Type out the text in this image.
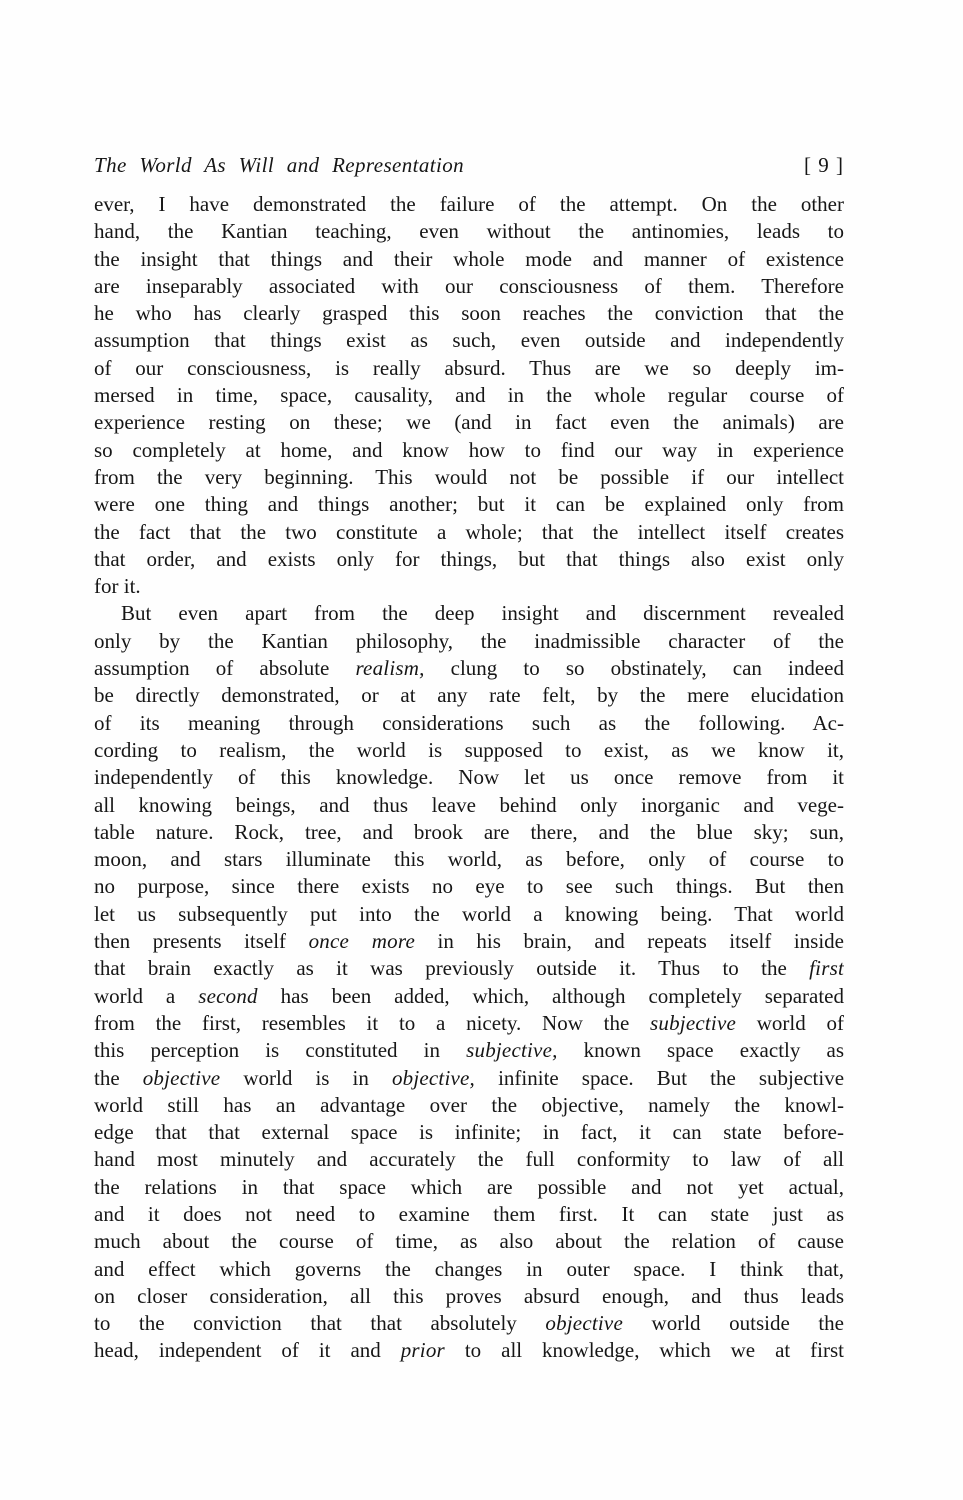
The World As Will and Representation	[ 9 ]
ever, I have demonstrated the failure of the attempt. On the other
hand, the Kantian teaching, even without the antinomies, leads to
the insight that things and their whole mode and manner of existence
are inseparably associated with our consciousness of them. Therefore
he who has clearly grasped this soon reaches the conviction that the
assumption that things exist as such, even outside and independently
of our consciousness, is really absurd. Thus are we so deeply im-
mersed in time, space, causality, and in the whole regular course of
experience resting on these; we (and in fact even the animals) are
so completely at home, and know how to find our way in experience
from the very beginning. This would not be possible if our intellect
were one thing and things another; but it can be explained only from
the fact that the two constitute a whole; that the intellect itself creates
that order, and exists only for things, but that things also exist only
for it.
But even apart from the deep insight and discernment revealed
only by the Kantian philosophy, the inadmissible character of the
assumption of absolute realism, clung to so obstinately, can indeed
be directly demonstrated, or at any rate felt, by the mere elucidation
of its meaning through considerations such as the following. Ac-
cording to realism, the world is supposed to exist, as we know it,
independently of this knowledge. Now let us once remove from it
all knowing beings, and thus leave behind only inorganic and vege-
table nature. Rock, tree, and brook are there, and the blue sky; sun,
moon, and stars illuminate this world, as before, only of course to
no purpose, since there exists no eye to see such things. But then
let us subsequently put into the world a knowing being. That world
then presents itself once more in his brain, and repeats itself inside
that brain exactly as it was previously outside it. Thus to the first
world a second has been added, which, although completely separated
from the first, resembles it to a nicety. Now the subjective world of
this perception is constituted in subjective, known space exactly as
the objective world is in objective, infinite space. But the subjective
world still has an advantage over the objective, namely the knowl-
edge that that external space is infinite; in fact, it can state before-
hand most minutely and accurately the full conformity to law of all
the relations in that space which are possible and not yet actual,
and it does not need to examine them first. It can state just as
much about the course of time, as also about the relation of cause
and effect which governs the changes in outer space. I think that,
on closer consideration, all this proves absurd enough, and thus leads
to the conviction that that absolutely objective world outside the
head, independent of it and prior to all knowledge, which we at first
